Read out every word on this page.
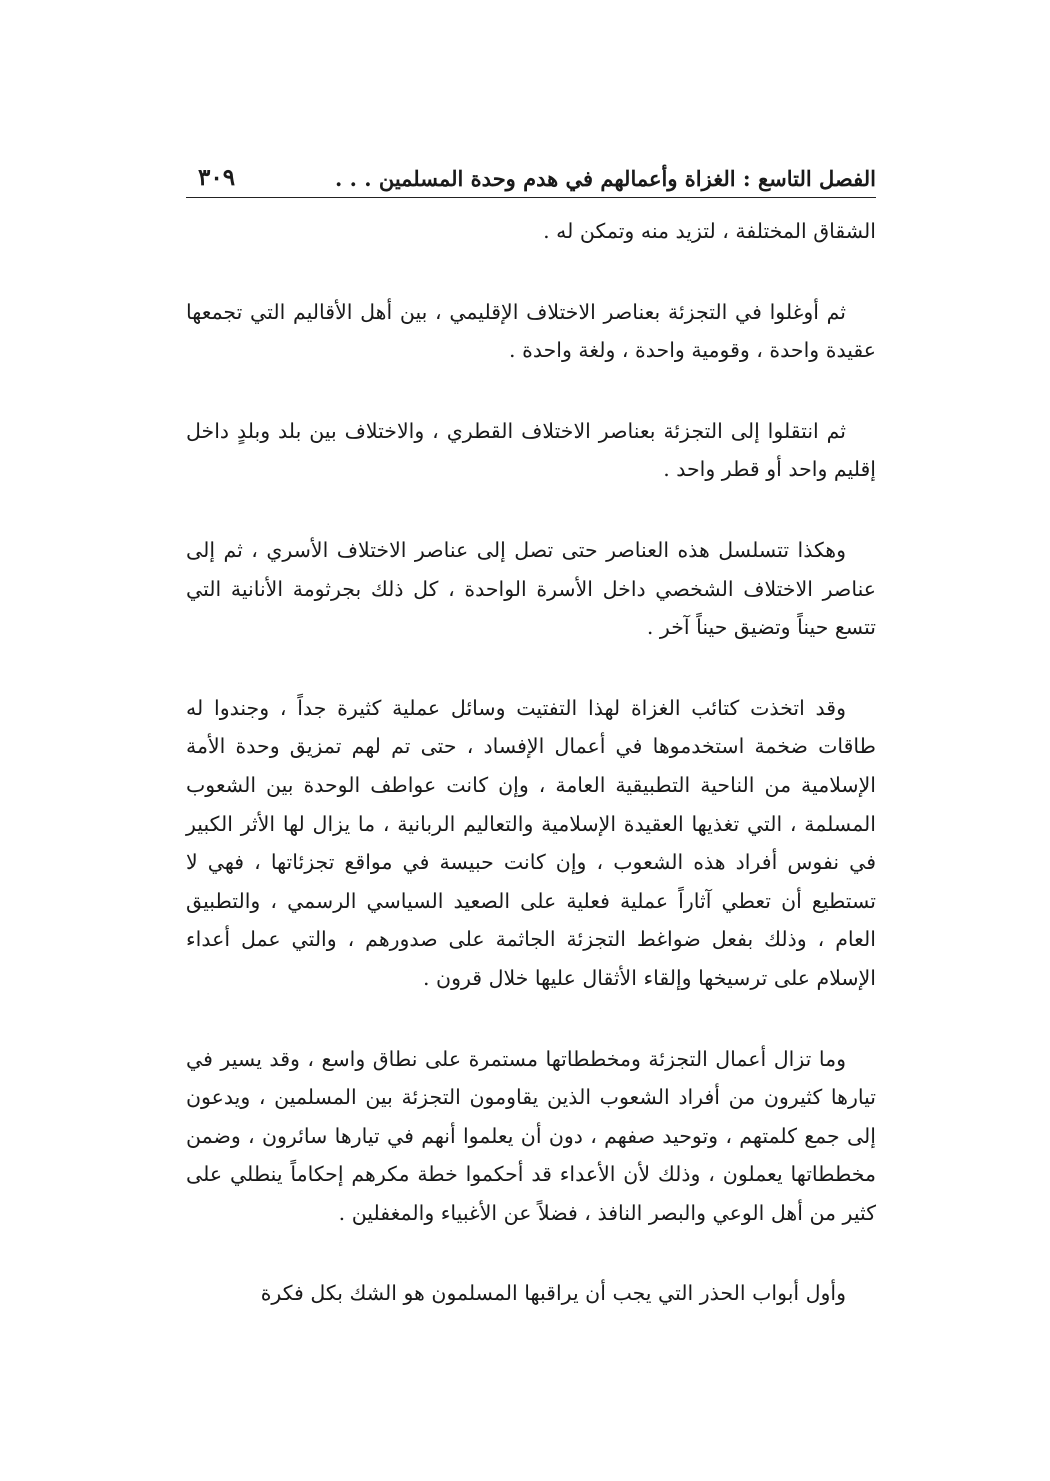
الفصل التاسع : الغزاة وأعمالهم في هدم وحدة المسلمين . . .
٣٠٩

الشقاق المختلفة ، لتزيد منه وتمكن له .

ثم أوغلوا في التجزئة بعناصر الاختلاف الإقليمي ، بين أهل الأقاليم التي تجمعها عقيدة واحدة ، وقومية واحدة ، ولغة واحدة .

ثم انتقلوا إلى التجزئة بعناصر الاختلاف القطري ، والاختلاف بين بلد وبلدٍ داخل إقليم واحد أو قطر واحد .

وهكذا تتسلسل هذه العناصر حتى تصل إلى عناصر الاختلاف الأسري ، ثم إلى عناصر الاختلاف الشخصي داخل الأسرة الواحدة ، كل ذلك بجرثومة الأنانية التي تتسع حيناً وتضيق حيناً آخر .

وقد اتخذت كتائب الغزاة لهذا التفتيت وسائل عملية كثيرة جداً ، وجندوا له طاقات ضخمة استخدموها في أعمال الإفساد ، حتى تم لهم تمزيق وحدة الأمة الإسلامية من الناحية التطبيقية العامة ، وإن كانت عواطف الوحدة بين الشعوب المسلمة ، التي تغذيها العقيدة الإسلامية والتعاليم الربانية ، ما يزال لها الأثر الكبير في نفوس أفراد هذه الشعوب ، وإن كانت حبيسة في مواقع تجزئاتها ، فهي لا تستطيع أن تعطي آثاراً عملية فعلية على الصعيد السياسي الرسمي ، والتطبيق العام ، وذلك بفعل ضواغط التجزئة الجاثمة على صدورهم ، والتي عمل أعداء الإسلام على ترسيخها وإلقاء الأثقال عليها خلال قرون .

وما تزال أعمال التجزئة ومخططاتها مستمرة على نطاق واسع ، وقد يسير في تيارها كثيرون من أفراد الشعوب الذين يقاومون التجزئة بين المسلمين ، ويدعون إلى جمع كلمتهم ، وتوحيد صفهم ، دون أن يعلموا أنهم في تيارها سائرون ، وضمن مخططاتها يعملون ، وذلك لأن الأعداء قد أحكموا خطة مكرهم إحكاماً ينطلي على كثير من أهل الوعي والبصر النافذ ، فضلاً عن الأغبياء والمغفلين .

وأول أبواب الحذر التي يجب أن يراقبها المسلمون هو الشك بكل فكرة
